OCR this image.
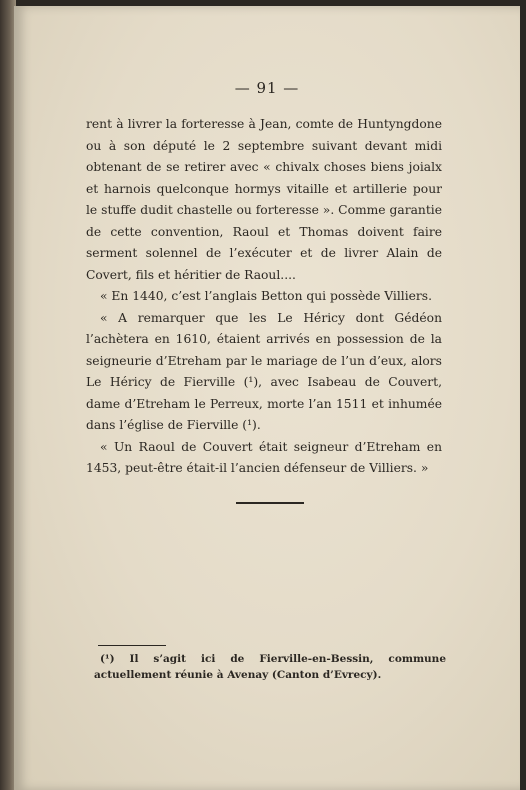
— 91 —

rent à livrer la forteresse à Jean, comte de Huntyngdone ou à son député le 2 septembre suivant devant midi obtenant de se retirer avec « chivalx choses biens joialx et harnois quelconque hormys vitaille et artillerie pour le stuffe dudit chastelle ou forteresse ». Comme garantie de cette convention, Raoul et Thomas doivent faire serment solennel de l’exécuter et de livrer Alain de Covert, fils et héritier de Raoul....

« En 1440, c’est l’anglais Betton qui possède Villiers.

« A remarquer que les Le Héricy dont Gédéon l’achètera en 1610, étaient arrivés en possession de la seigneurie d’Etreham par le mariage de l’un d’eux, alors Le Héricy de Fierville (¹), avec Isabeau de Couvert, dame d’Etreham le Perreux, morte l’an 1511 et inhumée dans l’église de Fierville (¹).

« Un Raoul de Couvert était seigneur d’Etreham en 1453, peut-être était-il l’ancien défenseur de Villiers. »

(¹) Il s’agit ici de Fierville-en-Bessin, commune actuellement réunie à Avenay (Canton d’Evrecy).
